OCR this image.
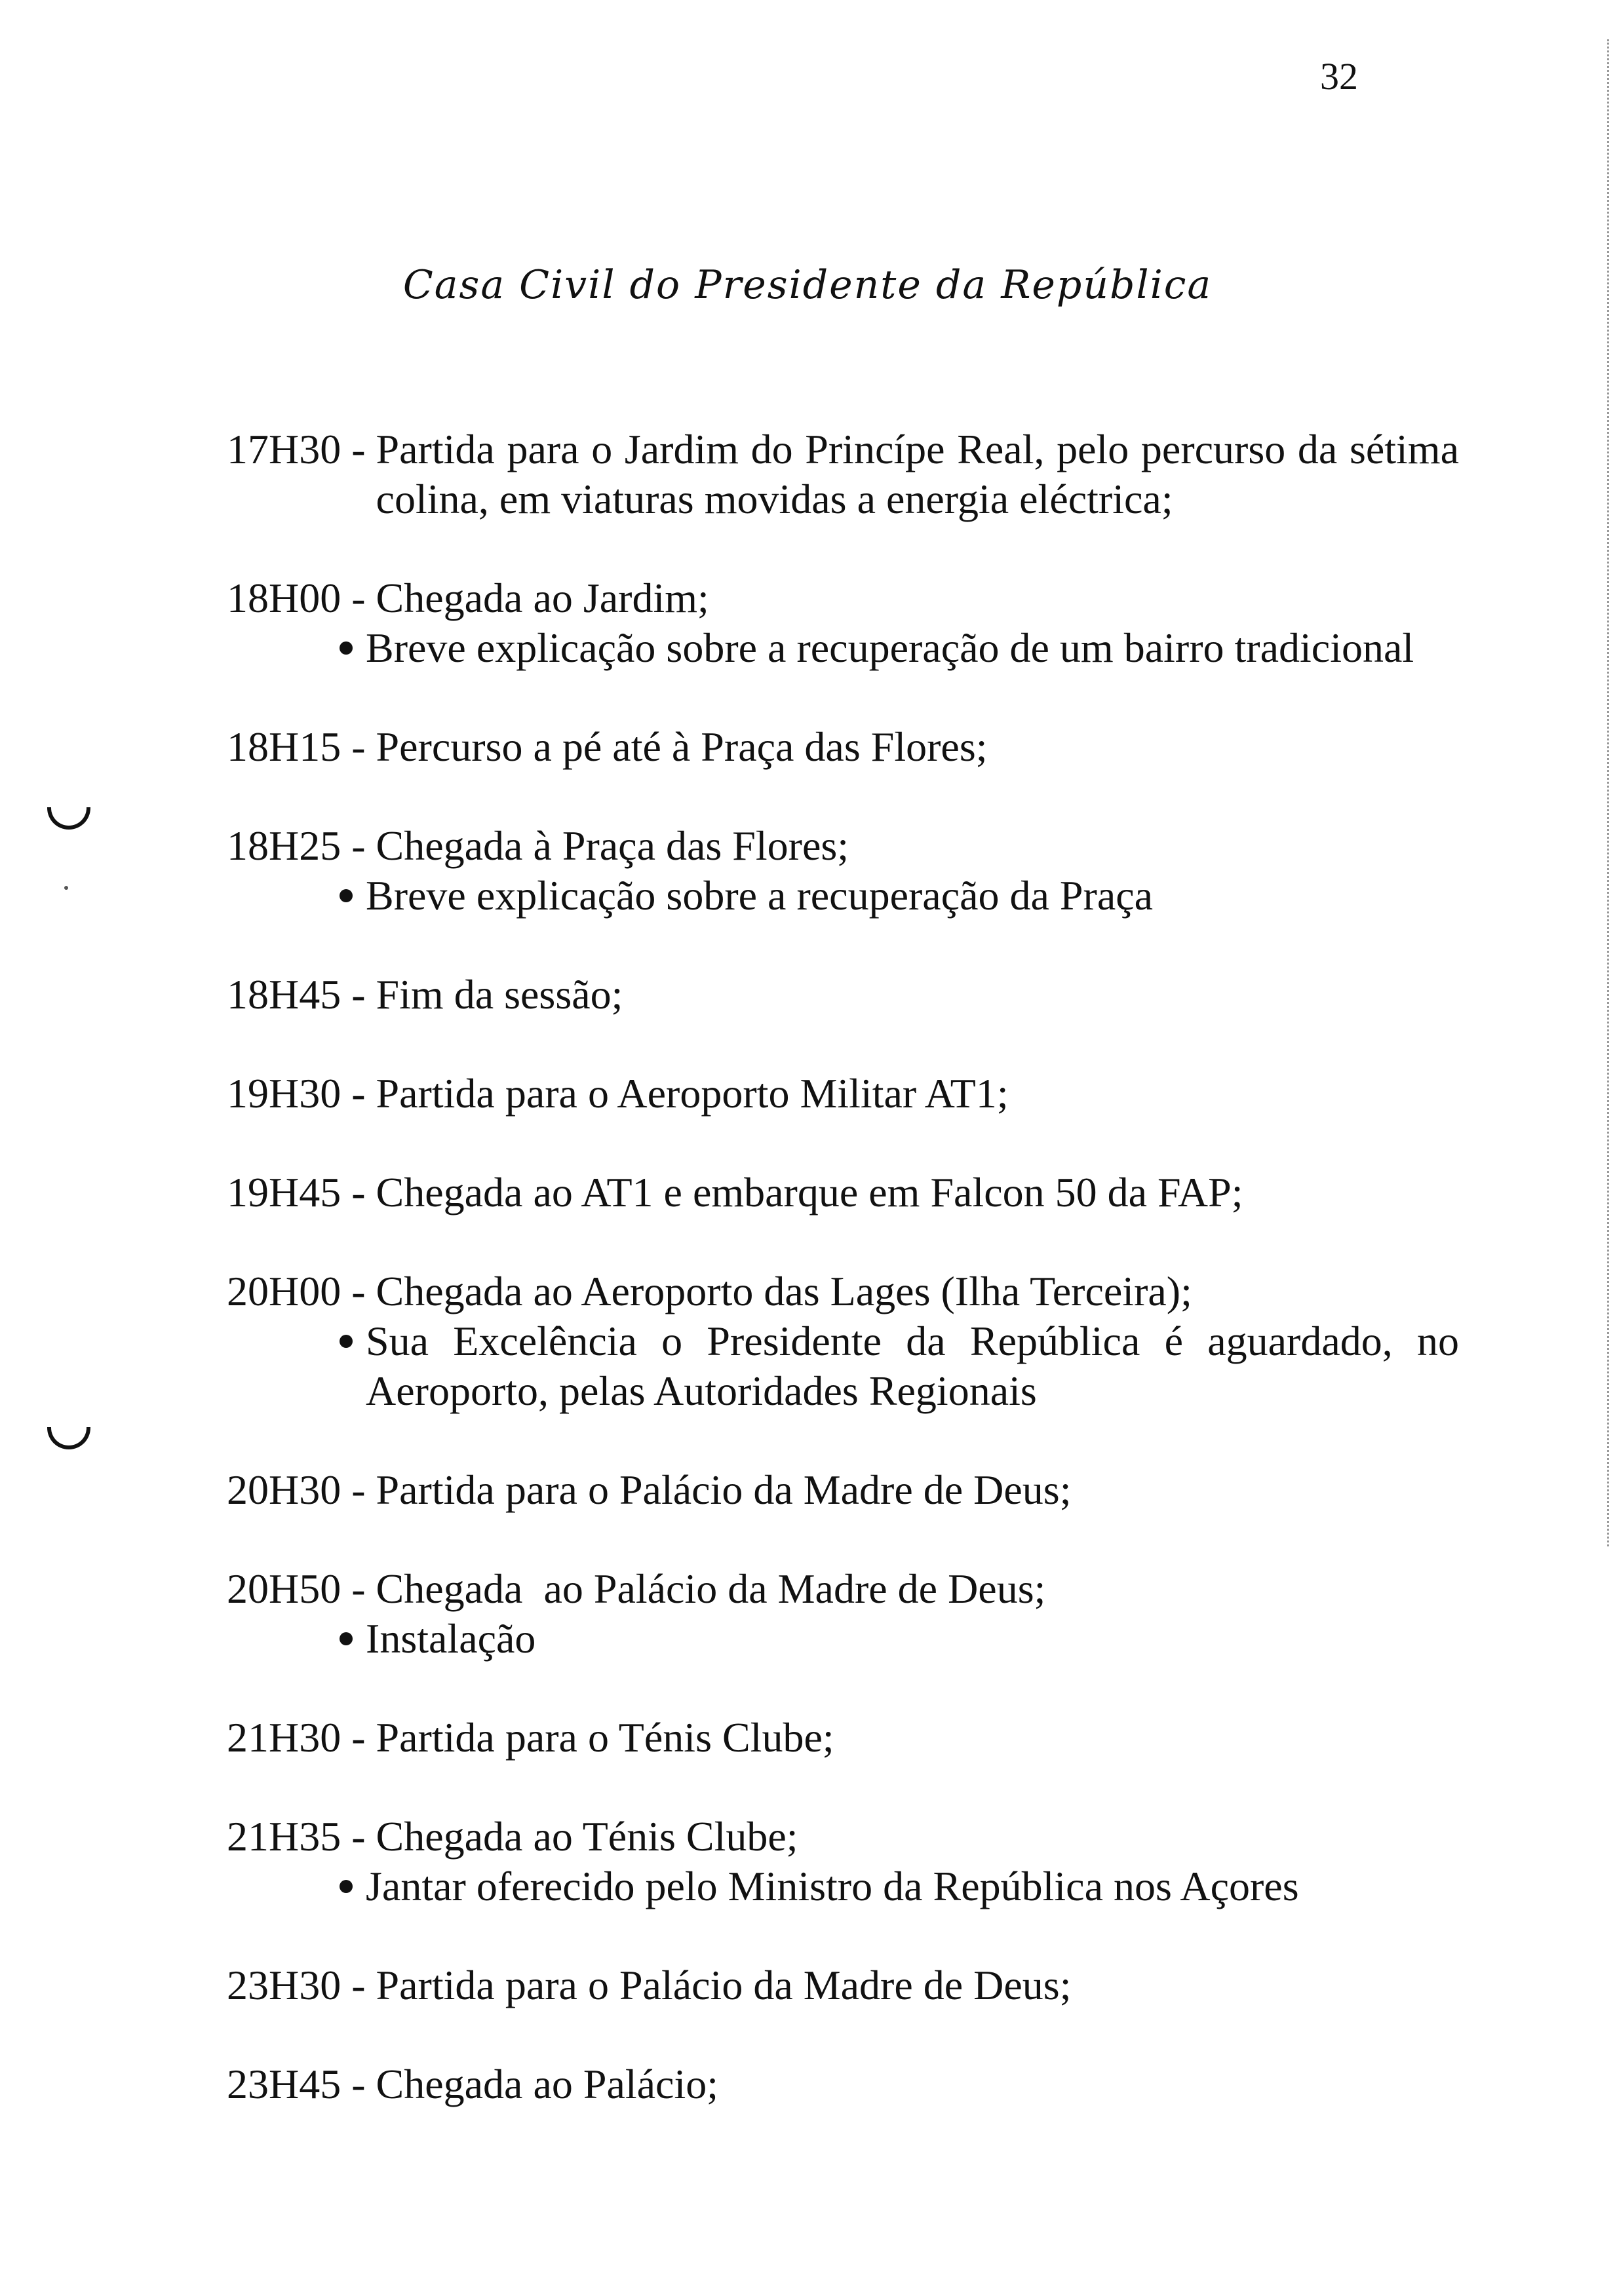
32
Casa Civil do Presidente da República
17H30 - Partida para o Jardim do Princípe Real, pelo percurso da sétima colina, em viaturas movidas a energia eléctrica;
18H00 - Chegada ao Jardim;
Breve explicação sobre a recuperação de um bairro tradicional
18H15 - Percurso a pé até à Praça das Flores;
18H25 - Chegada à Praça das Flores;
Breve explicação sobre a recuperação da Praça
18H45 - Fim da sessão;
19H30 - Partida para o Aeroporto Militar AT1;
19H45 - Chegada ao AT1 e embarque em Falcon 50 da FAP;
20H00 - Chegada ao Aeroporto das Lages (Ilha Terceira);
Sua Excelência o Presidente da República é aguardado, no Aeroporto, pelas Autoridades Regionais
20H30 - Partida para o Palácio da Madre de Deus;
20H50 - Chegada  ao Palácio da Madre de Deus;
Instalação
21H30 - Partida para o Ténis Clube;
21H35 - Chegada ao Ténis Clube;
Jantar oferecido pelo Ministro da República nos Açores
23H30 - Partida para o Palácio da Madre de Deus;
23H45 - Chegada ao Palácio;
